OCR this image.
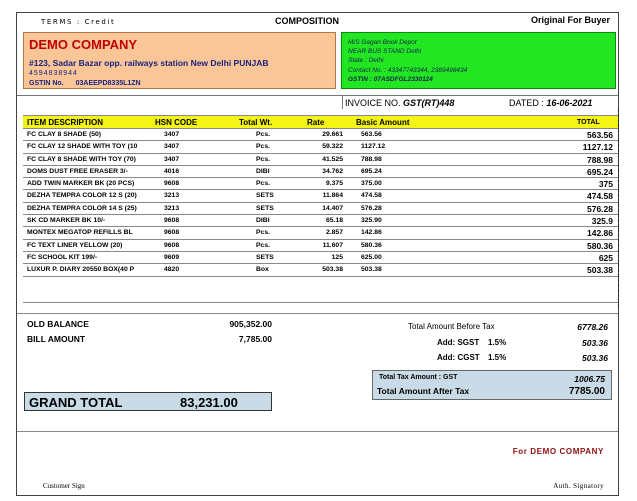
TERMS : Credit	COMPOSITION	Original For Buyer
DEMO COMPANY
#123, Sadar Bazar opp. railways station New Delhi PUNJAB
4594838944
GSTIN No. 03AEEPD8335L1ZN
M/S Gagan Book Depot
NEAR BUS STAND Delhi
State : Delhi
Contact No. : 43347743344, 2389498434
GSTIN : 07ASDFGL2330124
INVOICE NO. GST(RT)448	DATED : 16-06-2021
ITEM DESCRIPTION	HSN CODE	Total Wt.	Rate	Basic Amount	TOTAL
FC CLAY 8 SHADE (50)	3407	Pcs.	29.661	563.56	563.56
FC CLAY 12 SHADE WITH TOY (10	3407	Pcs.	59.322	1127.12	1127.12
FC CLAY 8 SHADE WITH TOY (70)	3407	Pcs.	41.525	788.98	788.98
DOMS DUST FREE ERASER 3/-	4016	DIBI	34.762	695.24	695.24
ADD TWIN MARKER BK (20 PCS)	9608	Pcs.	9.375	375.00	375
DEZHA TEMPRA COLOR 12 S (20)	3213	SETS	11.864	474.58	474.58
DEZHA TEMPRA COLOR 14 S (25)	3213	SETS	14.407	576.28	576.28
SK CD MARKER BK 10/-	9608	DIBI	65.18	325.90	325.9
MONTEX MEGATOP REFILLS BL	9608	Pcs.	2.857	142.86	142.86
FC TEXT LINER YELLOW (20)	9608	Pcs.	11.607	580.36	580.36
FC SCHOOL KIT 199/-	9609	SETS	125	625.00	625
LUXUR P. DIARY 20550 BOX(40 P	4820	Box	503.38	503.38	503.38
OLD BALANCE	905,352.00
BILL AMOUNT	7,785.00
GRAND TOTAL	83,231.00
Total Amount Before Tax	6778.26
Add: SGST 1.5%	503.36
Add: CGST 1.5%	503.36
Total Tax Amount : GST	1006.75
Total Amount After Tax	7785.00
For DEMO COMPANY
Customer Sign	Auth. Signatory
